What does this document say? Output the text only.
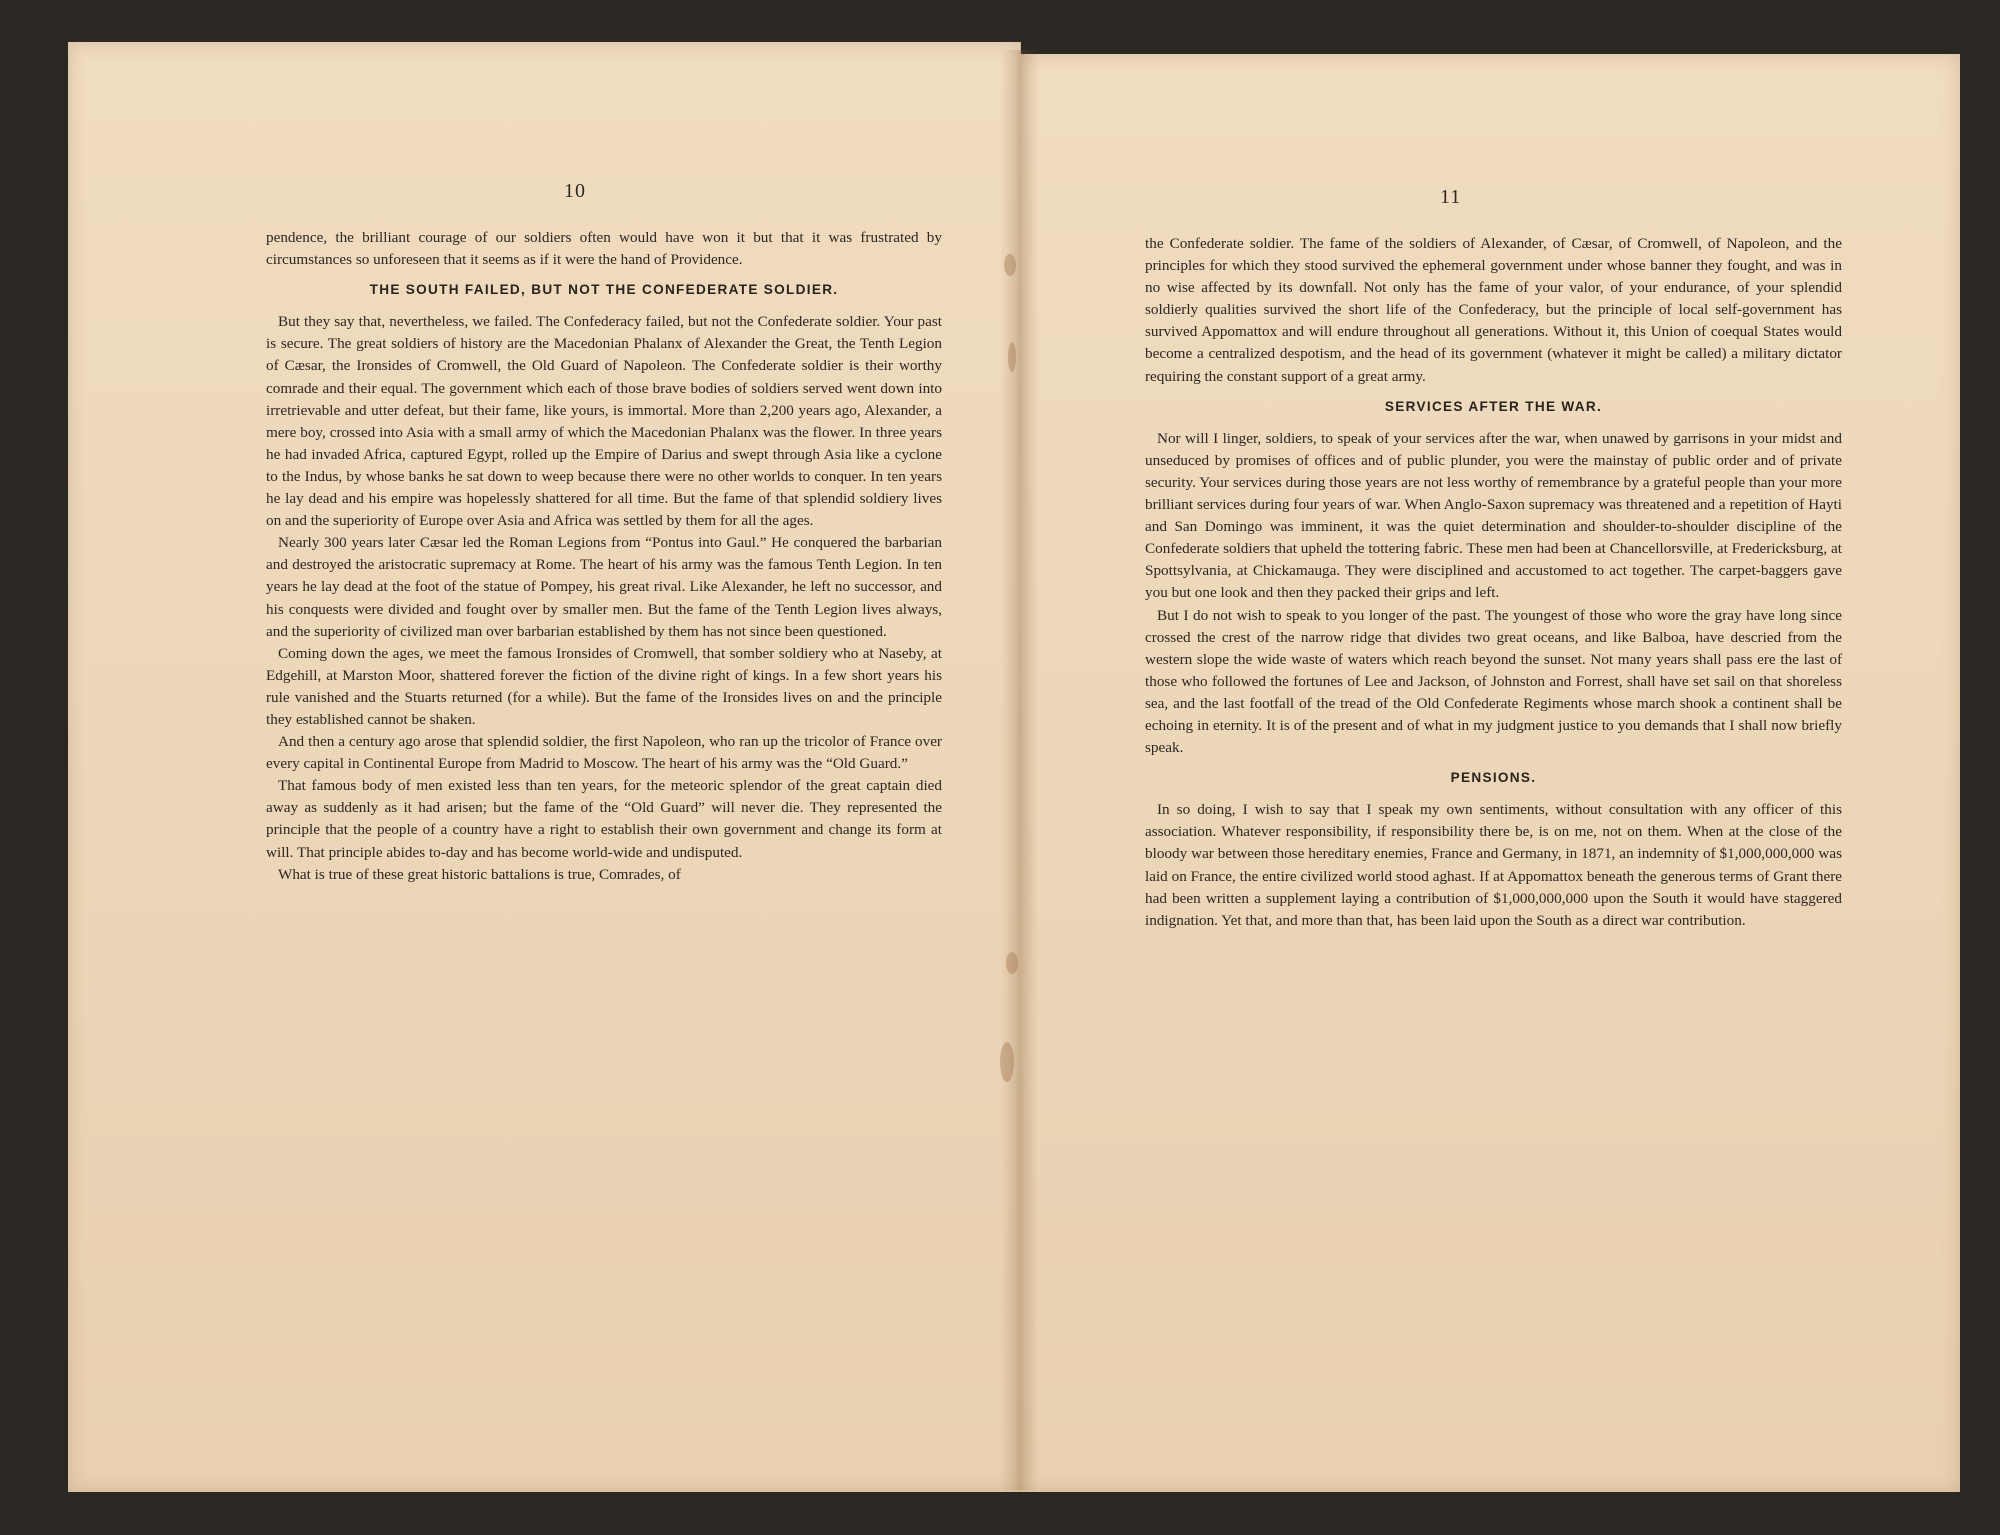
10

pendence, the brilliant courage of our soldiers often would have won it but that it was frustrated by circumstances so unforeseen that it seems as if it were the hand of Providence.

THE SOUTH FAILED, BUT NOT THE CONFEDERATE SOLDIER.

But they say that, nevertheless, we failed. The Confederacy failed, but not the Confederate soldier. Your past is secure. The great soldiers of history are the Macedonian Phalanx of Alexander the Great, the Tenth Legion of Cæsar, the Ironsides of Cromwell, the Old Guard of Napoleon. The Confederate soldier is their worthy comrade and their equal. The government which each of those brave bodies of soldiers served went down into irretrievable and utter defeat, but their fame, like yours, is immortal. More than 2,200 years ago, Alexander, a mere boy, crossed into Asia with a small army of which the Macedonian Phalanx was the flower. In three years he had invaded Africa, captured Egypt, rolled up the Empire of Darius and swept through Asia like a cyclone to the Indus, by whose banks he sat down to weep because there were no other worlds to conquer. In ten years he lay dead and his empire was hopelessly shattered for all time. But the fame of that splendid soldiery lives on and the superiority of Europe over Asia and Africa was settled by them for all the ages.

Nearly 300 years later Cæsar led the Roman Legions from “Pontus into Gaul.” He conquered the barbarian and destroyed the aristocratic supremacy at Rome. The heart of his army was the famous Tenth Legion. In ten years he lay dead at the foot of the statue of Pompey, his great rival. Like Alexander, he left no successor, and his conquests were divided and fought over by smaller men. But the fame of the Tenth Legion lives always, and the superiority of civilized man over barbarian established by them has not since been questioned.

Coming down the ages, we meet the famous Ironsides of Cromwell, that somber soldiery who at Naseby, at Edgehill, at Marston Moor, shattered forever the fiction of the divine right of kings. In a few short years his rule vanished and the Stuarts returned (for a while). But the fame of the Ironsides lives on and the principle they established cannot be shaken.

And then a century ago arose that splendid soldier, the first Napoleon, who ran up the tricolor of France over every capital in Continental Europe from Madrid to Moscow. The heart of his army was the “Old Guard.”

That famous body of men existed less than ten years, for the meteoric splendor of the great captain died away as suddenly as it had arisen; but the fame of the “Old Guard” will never die. They represented the principle that the people of a country have a right to establish their own government and change its form at will. That principle abides to-day and has become world-wide and undisputed.

What is true of these great historic battalions is true, Comrades, of

11

the Confederate soldier. The fame of the soldiers of Alexander, of Cæsar, of Cromwell, of Napoleon, and the principles for which they stood survived the ephemeral government under whose banner they fought, and was in no wise affected by its downfall. Not only has the fame of your valor, of your endurance, of your splendid soldierly qualities survived the short life of the Confederacy, but the principle of local self-government has survived Appomattox and will endure throughout all generations. Without it, this Union of coequal States would become a centralized despotism, and the head of its government (whatever it might be called) a military dictator requiring the constant support of a great army.

SERVICES AFTER THE WAR.

Nor will I linger, soldiers, to speak of your services after the war, when unawed by garrisons in your midst and unseduced by promises of offices and of public plunder, you were the mainstay of public order and of private security. Your services during those years are not less worthy of remembrance by a grateful people than your more brilliant services during four years of war. When Anglo-Saxon supremacy was threatened and a repetition of Hayti and San Domingo was imminent, it was the quiet determination and shoulder-to-shoulder discipline of the Confederate soldiers that upheld the tottering fabric. These men had been at Chancellorsville, at Fredericksburg, at Spottsylvania, at Chickamauga. They were disciplined and accustomed to act together. The carpet-baggers gave you but one look and then they packed their grips and left.

But I do not wish to speak to you longer of the past. The youngest of those who wore the gray have long since crossed the crest of the narrow ridge that divides two great oceans, and like Balboa, have descried from the western slope the wide waste of waters which reach beyond the sunset. Not many years shall pass ere the last of those who followed the fortunes of Lee and Jackson, of Johnston and Forrest, shall have set sail on that shoreless sea, and the last footfall of the tread of the Old Confederate Regiments whose march shook a continent shall be echoing in eternity. It is of the present and of what in my judgment justice to you demands that I shall now briefly speak.

PENSIONS.

In so doing, I wish to say that I speak my own sentiments, without consultation with any officer of this association. Whatever responsibility, if responsibility there be, is on me, not on them. When at the close of the bloody war between those hereditary enemies, France and Germany, in 1871, an indemnity of $1,000,000,000 was laid on France, the entire civilized world stood aghast. If at Appomattox beneath the generous terms of Grant there had been written a supplement laying a contribution of $1,000,000,000 upon the South it would have staggered indignation. Yet that, and more than that, has been laid upon the South as a direct war contribution.
